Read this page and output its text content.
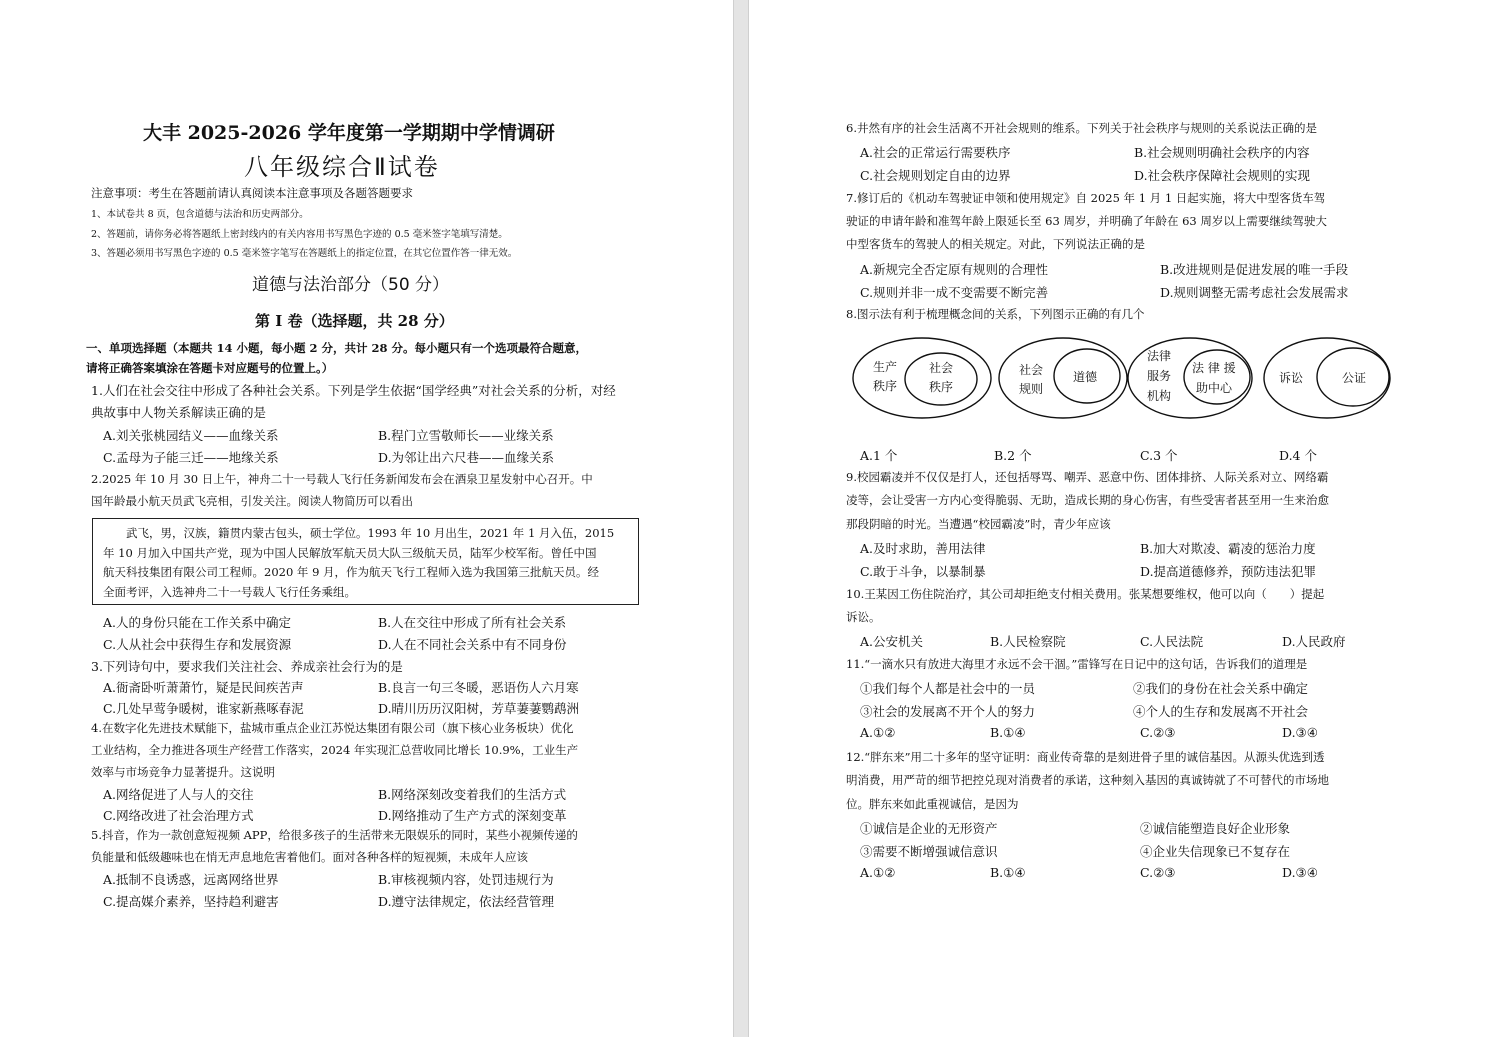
大丰 2025-2026 学年度第一学期期中学情调研
八年级综合Ⅱ试卷
注意事项：考生在答题前请认真阅读本注意事项及各题答题要求
1、本试卷共 8 页，包含道德与法治和历史两部分。
2、答题前，请你务必将答题纸上密封线内的有关内容用书写黑色字迹的 0.5 毫米签字笔填写清楚。
3、答题必须用书写黑色字迹的 0.5 毫米签字笔写在答题纸上的指定位置，在其它位置作答一律无效。
道德与法治部分（50 分）
第 I 卷（选择题，共 28 分）
一、单项选择题（本题共 14 小题，每小题 2 分，共计 28 分。每小题只有一个选项最符合题意，
请将正确答案填涂在答题卡对应题号的位置上。）
1.人们在社会交往中形成了各种社会关系。下列是学生依据“国学经典”对社会关系的分析，对经
典故事中人物关系解读正确的是
A.刘关张桃园结义——血缘关系	B.程门立雪敬师长——业缘关系
C.孟母为子能三迁——地缘关系	D.为邻让出六尺巷——血缘关系
2.2025 年 10 月 30 日上午，神舟二十一号载人飞行任务新闻发布会在酒泉卫星发射中心召开。中
国年龄最小航天员武飞亮相，引发关注。阅读人物简历可以看出

武飞，男，汉族，籍贯内蒙古包头，硕士学位。1993 年 10 月出生，2021 年 1 月入伍，2015

年 10 月加入中国共产党，现为中国人民解放军航天员大队三级航天员，陆军少校军衔。曾任中国

航天科技集团有限公司工程师。2020 年 9 月，作为航天飞行工程师入选为我国第三批航天员。经

全面考评，入选神舟二十一号载人飞行任务乘组。

A.人的身份只能在工作关系中确定	B.人在交往中形成了所有社会关系
C.人从社会中获得生存和发展资源	D.人在不同社会关系中有不同身份
3.下列诗句中，要求我们关注社会、养成亲社会行为的是
A.衙斋卧听萧萧竹，疑是民间疾苦声	B.良言一句三冬暖，恶语伤人六月寒
C.几处早莺争暖树，谁家新燕啄春泥	D.晴川历历汉阳树，芳草萋萋鹦鹉洲
4.在数字化先进技术赋能下，盐城市重点企业江苏悦达集团有限公司（旗下核心业务板块）优化
工业结构，全力推进各项生产经营工作落实，2024 年实现汇总营收同比增长 10.9%，工业生产
效率与市场竞争力显著提升。这说明
A.网络促进了人与人的交往	B.网络深刻改变着我们的生活方式
C.网络改进了社会治理方式	D.网络推动了生产方式的深刻变革
5.抖音，作为一款创意短视频 APP，给很多孩子的生活带来无限娱乐的同时，某些小视频传递的
负能量和低级趣味也在悄无声息地危害着他们。面对各种各样的短视频，未成年人应该
A.抵制不良诱惑，远离网络世界	B.审核视频内容，处罚违规行为
C.提高媒介素养，坚持趋利避害	D.遵守法律规定，依法经营管理
6.井然有序的社会生活离不开社会规则的维系。下列关于社会秩序与规则的关系说法正确的是
A.社会的正常运行需要秩序	B.社会规则明确社会秩序的内容
C.社会规则划定自由的边界	D.社会秩序保障社会规则的实现
7.修订后的《机动车驾驶证申领和使用规定》自 2025 年 1 月 1 日起实施，将大中型客货车驾
驶证的申请年龄和准驾年龄上限延长至 63 周岁，并明确了年龄在 63 周岁以上需要继续驾驶大
中型客货车的驾驶人的相关规定。对此，下列说法正确的是
A.新规完全否定原有规则的合理性	B.改进规则是促进发展的唯一手段
C.规则并非一成不变需要不断完善	D.规则调整无需考虑社会发展需求
8.图示法有利于梳理概念间的关系，下列图示正确的有几个
生产
秩序
社会
秩序
社会
规则
道德
法律
服务
机构
法 律 援
助中心
诉讼	公证
A.1 个	B.2 个	C.3 个	D.4 个
9.校园霸凌并不仅仅是打人，还包括辱骂、嘲弄、恶意中伤、团体排挤、人际关系对立、网络霸
凌等，会让受害一方内心变得脆弱、无助，造成长期的身心伤害，有些受害者甚至用一生来治愈
那段阴暗的时光。当遭遇“校园霸凌”时，青少年应该
A.及时求助，善用法律	B.加大对欺凌、霸凌的惩治力度
C.敢于斗争，以暴制暴	D.提高道德修养，预防违法犯罪
10.王某因工伤住院治疗，其公司却拒绝支付相关费用。张某想要维权，他可以向（　　）提起
诉讼。
A.公安机关	B.人民检察院	C.人民法院	D.人民政府
11.“一滴水只有放进大海里才永远不会干涸。”雷锋写在日记中的这句话，告诉我们的道理是
①我们每个人都是社会中的一员	②我们的身份在社会关系中确定
③社会的发展离不开个人的努力	④个人的生存和发展离不开社会
A.①②	B.①④	C.②③	D.③④
12.“胖东来”用二十多年的坚守证明：商业传奇靠的是刻进骨子里的诚信基因。从源头优选到透
明消费，用严苛的细节把控兑现对消费者的承诺，这种刻入基因的真诚铸就了不可替代的市场地
位。胖东来如此重视诚信，是因为
①诚信是企业的无形资产	②诚信能塑造良好企业形象
③需要不断增强诚信意识	④企业失信现象已不复存在
A.①②	B.①④	C.②③	D.③④
